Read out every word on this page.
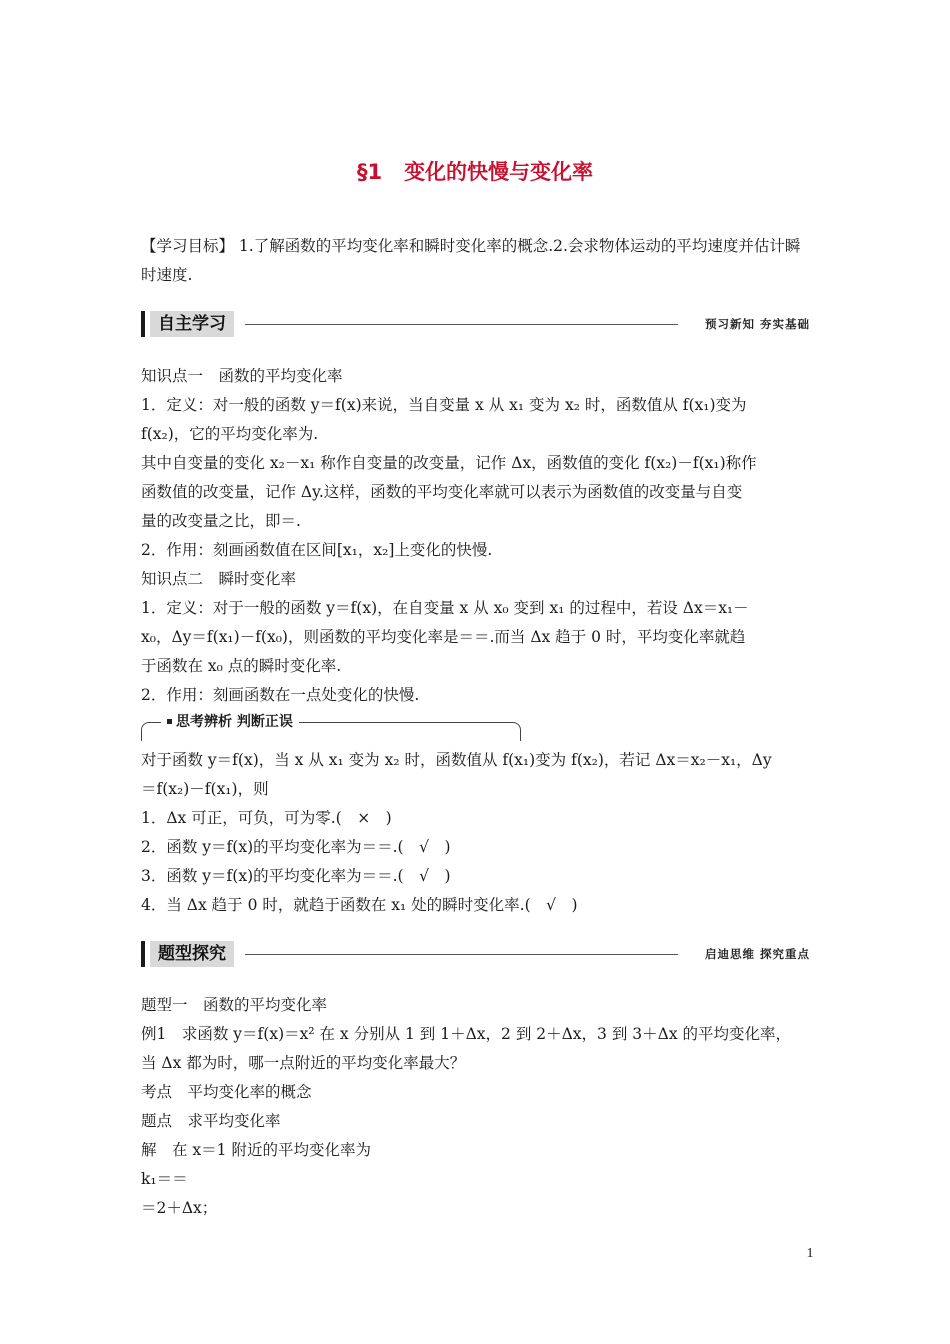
§1 变化的快慢与变化率
【学习目标】 1.了解函数的平均变化率和瞬时变化率的概念.2.会求物体运动的平均速度并估计瞬时速度.
自主学习	预习新知 夯实基础
知识点一　函数的平均变化率
1．定义：对一般的函数 y＝f(x)来说，当自变量 x 从 x₁ 变为 x₂ 时，函数值从 f(x₁)变为
f(x₂)，它的平均变化率为.
其中自变量的变化 x₂－x₁ 称作自变量的改变量，记作 Δx，函数值的变化 f(x₂)－f(x₁)称作
函数值的改变量，记作 Δy.这样，函数的平均变化率就可以表示为函数值的改变量与自变
量的改变量之比，即＝.
2．作用：刻画函数值在区间[x₁，x₂]上变化的快慢.
知识点二　瞬时变化率
1．定义：对于一般的函数 y＝f(x)，在自变量 x 从 x₀ 变到 x₁ 的过程中，若设 Δx＝x₁－
x₀，Δy＝f(x₁)－f(x₀)，则函数的平均变化率是＝＝.而当 Δx 趋于 0 时，平均变化率就趋
于函数在 x₀ 点的瞬时变化率.
2．作用：刻画函数在一点处变化的快慢.
思考辨析 判断正误
对于函数 y＝f(x)，当 x 从 x₁ 变为 x₂ 时，函数值从 f(x₁)变为 f(x₂)，若记 Δx＝x₂－x₁，Δy
＝f(x₂)－f(x₁)，则
1．Δx 可正，可负，可为零.(　×　)
2．函数 y＝f(x)的平均变化率为＝＝.(　√　)
3．函数 y＝f(x)的平均变化率为＝＝.(　√　)
4．当 Δx 趋于 0 时，就趋于函数在 x₁ 处的瞬时变化率.(　√　)
题型探究	启迪思维 探究重点
题型一　函数的平均变化率
例1　求函数 y＝f(x)＝x² 在 x 分别从 1 到 1＋Δx，2 到 2＋Δx，3 到 3＋Δx 的平均变化率，
当 Δx 都为时，哪一点附近的平均变化率最大？
考点　平均变化率的概念
题点　求平均变化率
解　在 x＝1 附近的平均变化率为
k₁＝＝
＝2＋Δx；
1
